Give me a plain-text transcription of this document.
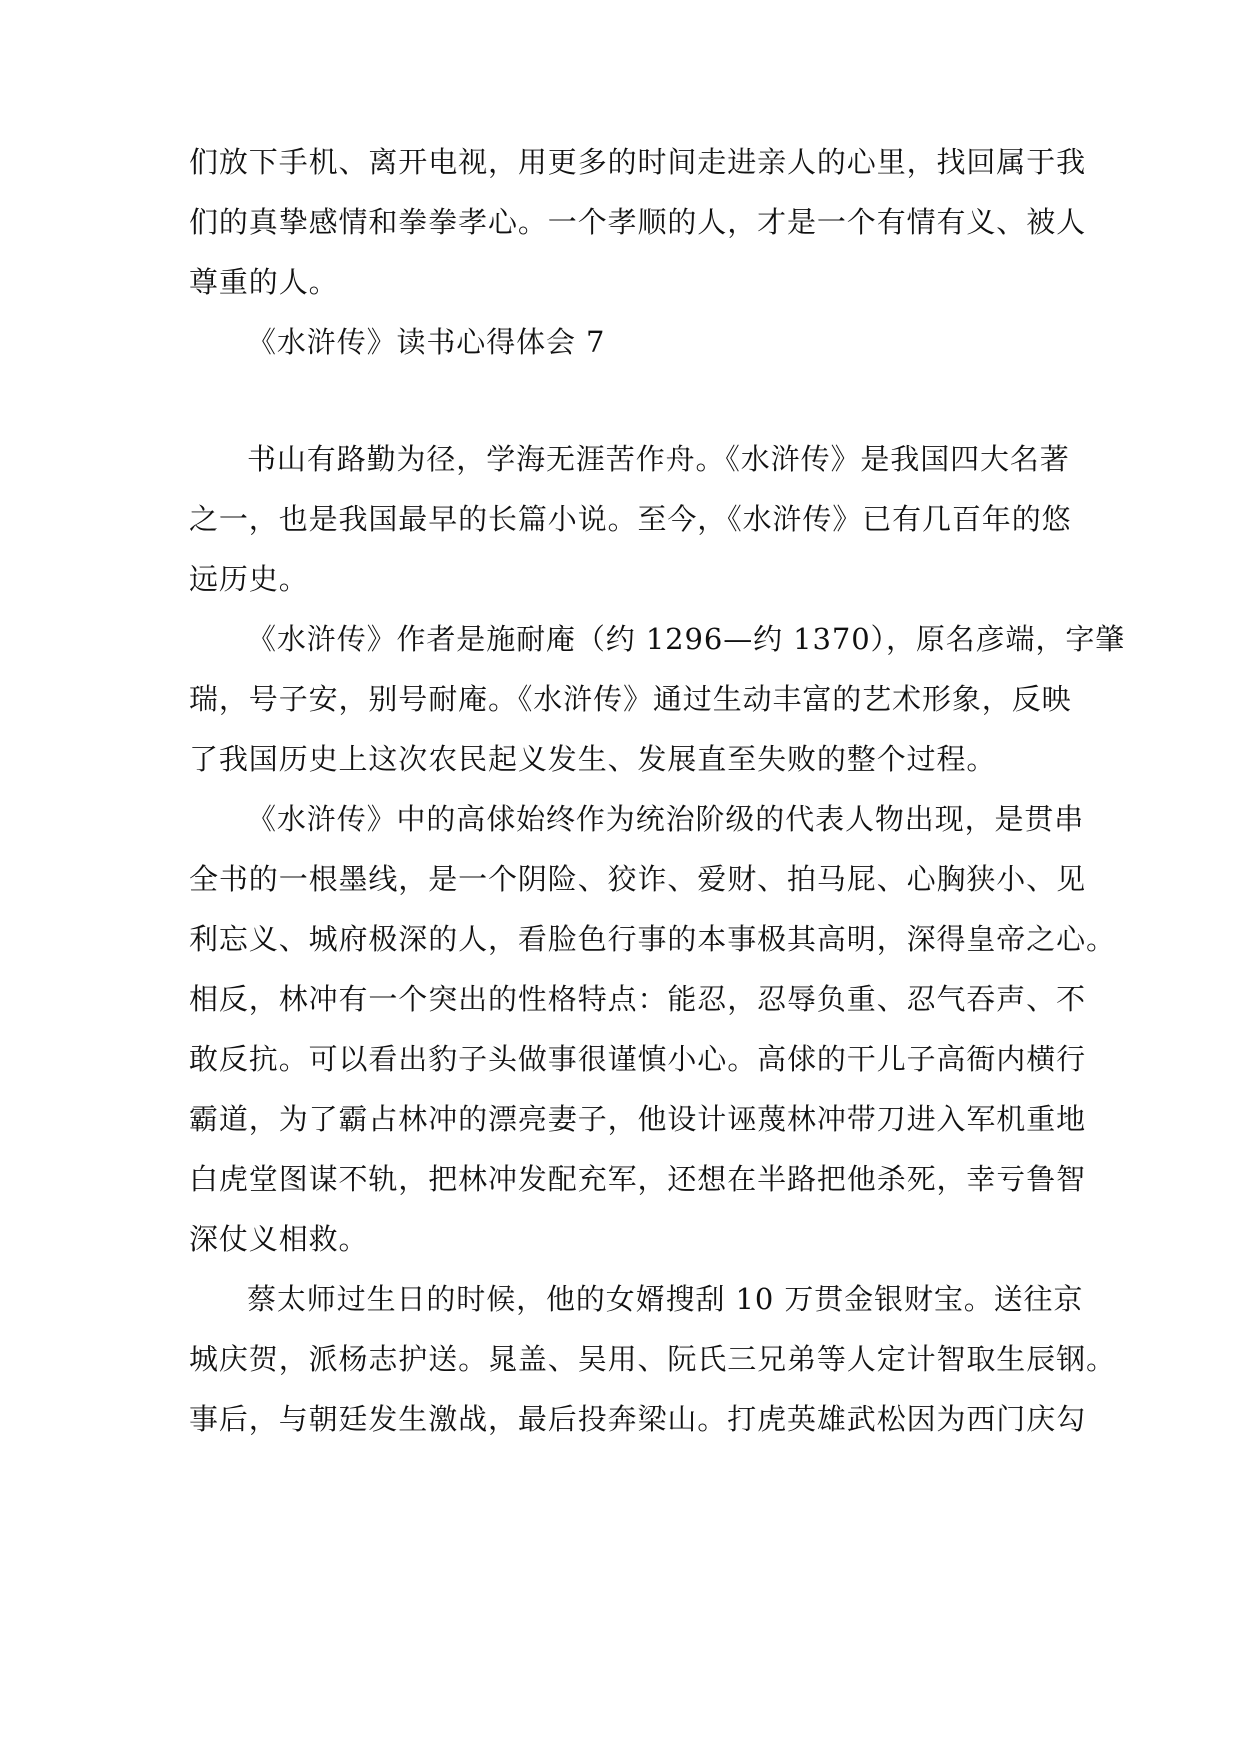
们放下手机、离开电视，用更多的时间走进亲人的心里，找回属于我
们的真挚感情和拳拳孝心。一个孝顺的人，才是一个有情有义、被人
尊重的人。
《水浒传》读书心得体会 7
书山有路勤为径，学海无涯苦作舟。《水浒传》是我国四大名著
之一，也是我国最早的长篇小说。至今，《水浒传》已有几百年的悠
远历史。
《水浒传》作者是施耐庵（约 1296—约 1370），原名彦端，字肇
瑞，号子安，别号耐庵。《水浒传》通过生动丰富的艺术形象，反映
了我国历史上这次农民起义发生、发展直至失败的整个过程。
《水浒传》中的高俅始终作为统治阶级的代表人物出现，是贯串
全书的一根墨线，是一个阴险、狡诈、爱财、拍马屁、心胸狭小、见
利忘义、城府极深的人，看脸色行事的本事极其高明，深得皇帝之心。
相反，林冲有一个突出的性格特点：能忍，忍辱负重、忍气吞声、不
敢反抗。可以看出豹子头做事很谨慎小心。高俅的干儿子高衙内横行
霸道，为了霸占林冲的漂亮妻子，他设计诬蔑林冲带刀进入军机重地
白虎堂图谋不轨，把林冲发配充军，还想在半路把他杀死，幸亏鲁智
深仗义相救。
蔡太师过生日的时候，他的女婿搜刮 10 万贯金银财宝。送往京
城庆贺，派杨志护送。晁盖、吴用、阮氏三兄弟等人定计智取生辰钢。
事后，与朝廷发生激战，最后投奔梁山。打虎英雄武松因为西门庆勾
